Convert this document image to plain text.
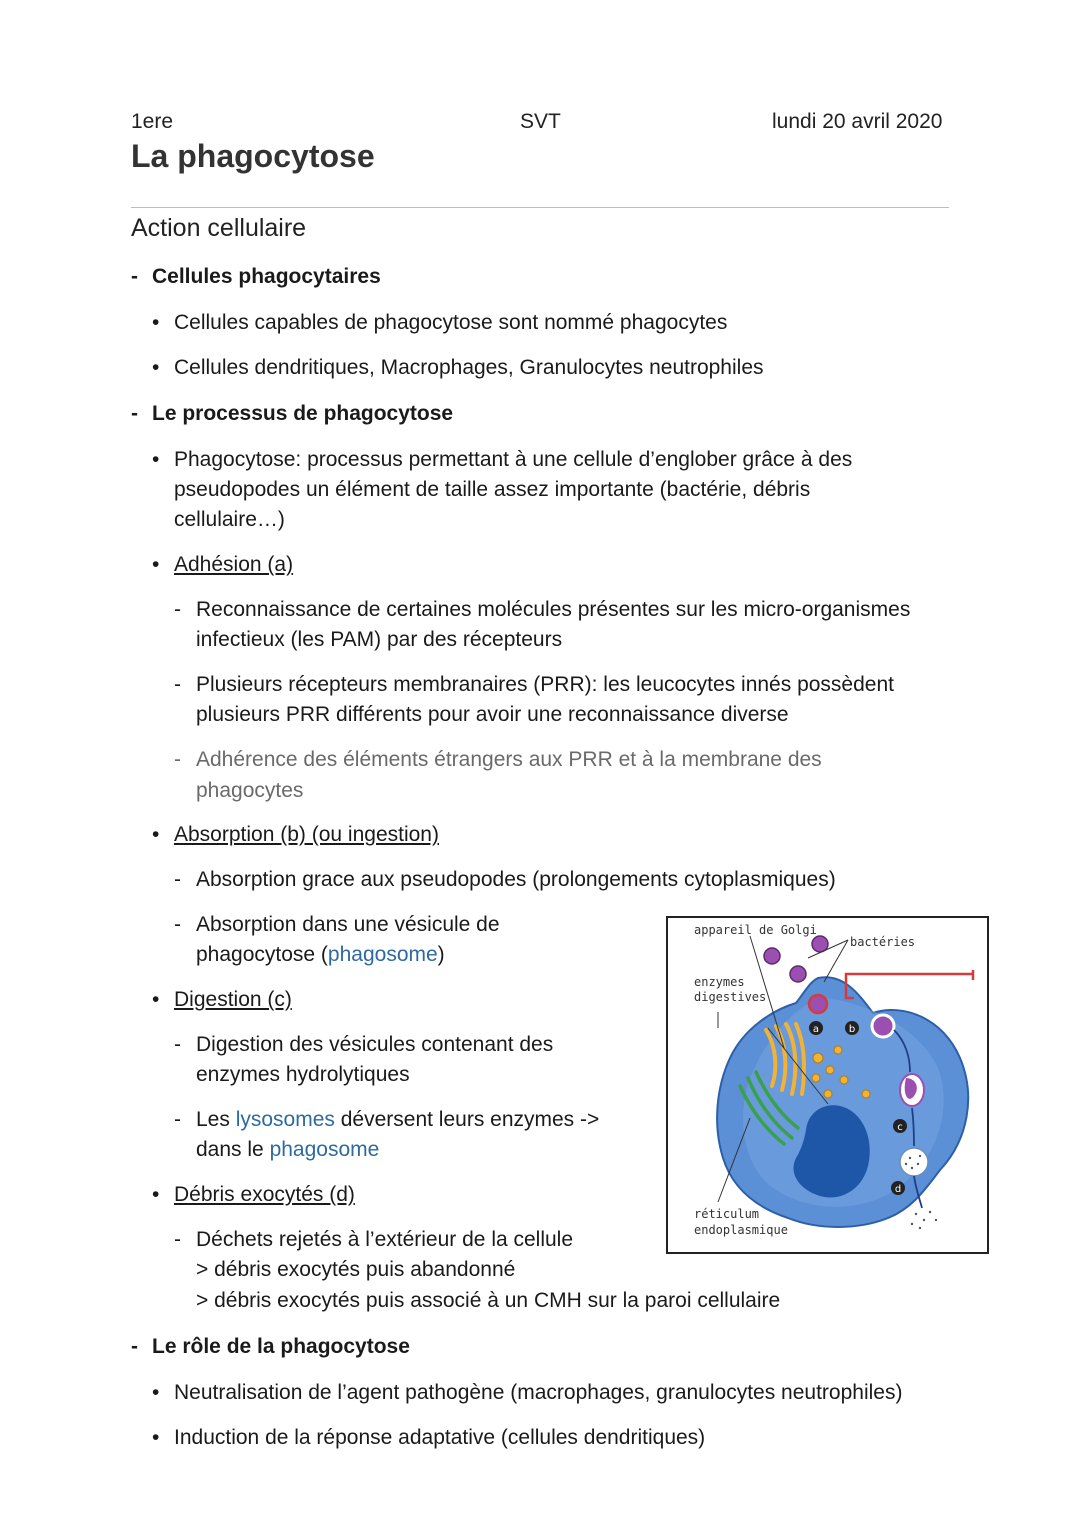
1ere	SVT	lundi 20 avril 2020
La phagocytose
Action cellulaire
- Cellules phagocytaires
• Cellules capables de phagocytose sont nommé phagocytes
• Cellules dendritiques, Macrophages, Granulocytes neutrophiles
- Le processus de phagocytose
• Phagocytose: processus permettant à une cellule d’englober grâce à des
pseudopodes un élément de taille assez importante (bactérie, débris
cellulaire…)
• Adhésion (a)
- Reconnaissance de certaines molécules présentes sur les micro-organismes
infectieux (les PAM) par des récepteurs
- Plusieurs récepteurs membranaires (PRR): les leucocytes innés possèdent
plusieurs PRR différents pour avoir une reconnaissance diverse
- Adhérence des éléments étrangers aux PRR et à la membrane des
phagocytes
• Absorption (b) (ou ingestion)
- Absorption grace aux pseudopodes (prolongements cytoplasmiques)
- Absorption dans une vésicule de
phagocytose (phagosome)
• Digestion (c)
- Digestion des vésicules contenant des
enzymes hydrolytiques
- Les lysosomes déversent leurs enzymes ->
dans le phagosome
• Débris exocytés (d)
- Déchets rejetés à l’extérieur de la cellule
> débris exocytés puis abandonné
> débris exocytés puis associé à un CMH sur la paroi cellulaire
- Le rôle de la phagocytose
• Neutralisation de l’agent pathogène (macrophages, granulocytes neutrophiles)
• Induction de la réponse adaptative (cellules dendritiques)
a	b
c
d
appareil de Golgi
bactéries
enzymes
digestives
réticulum
endoplasmique
